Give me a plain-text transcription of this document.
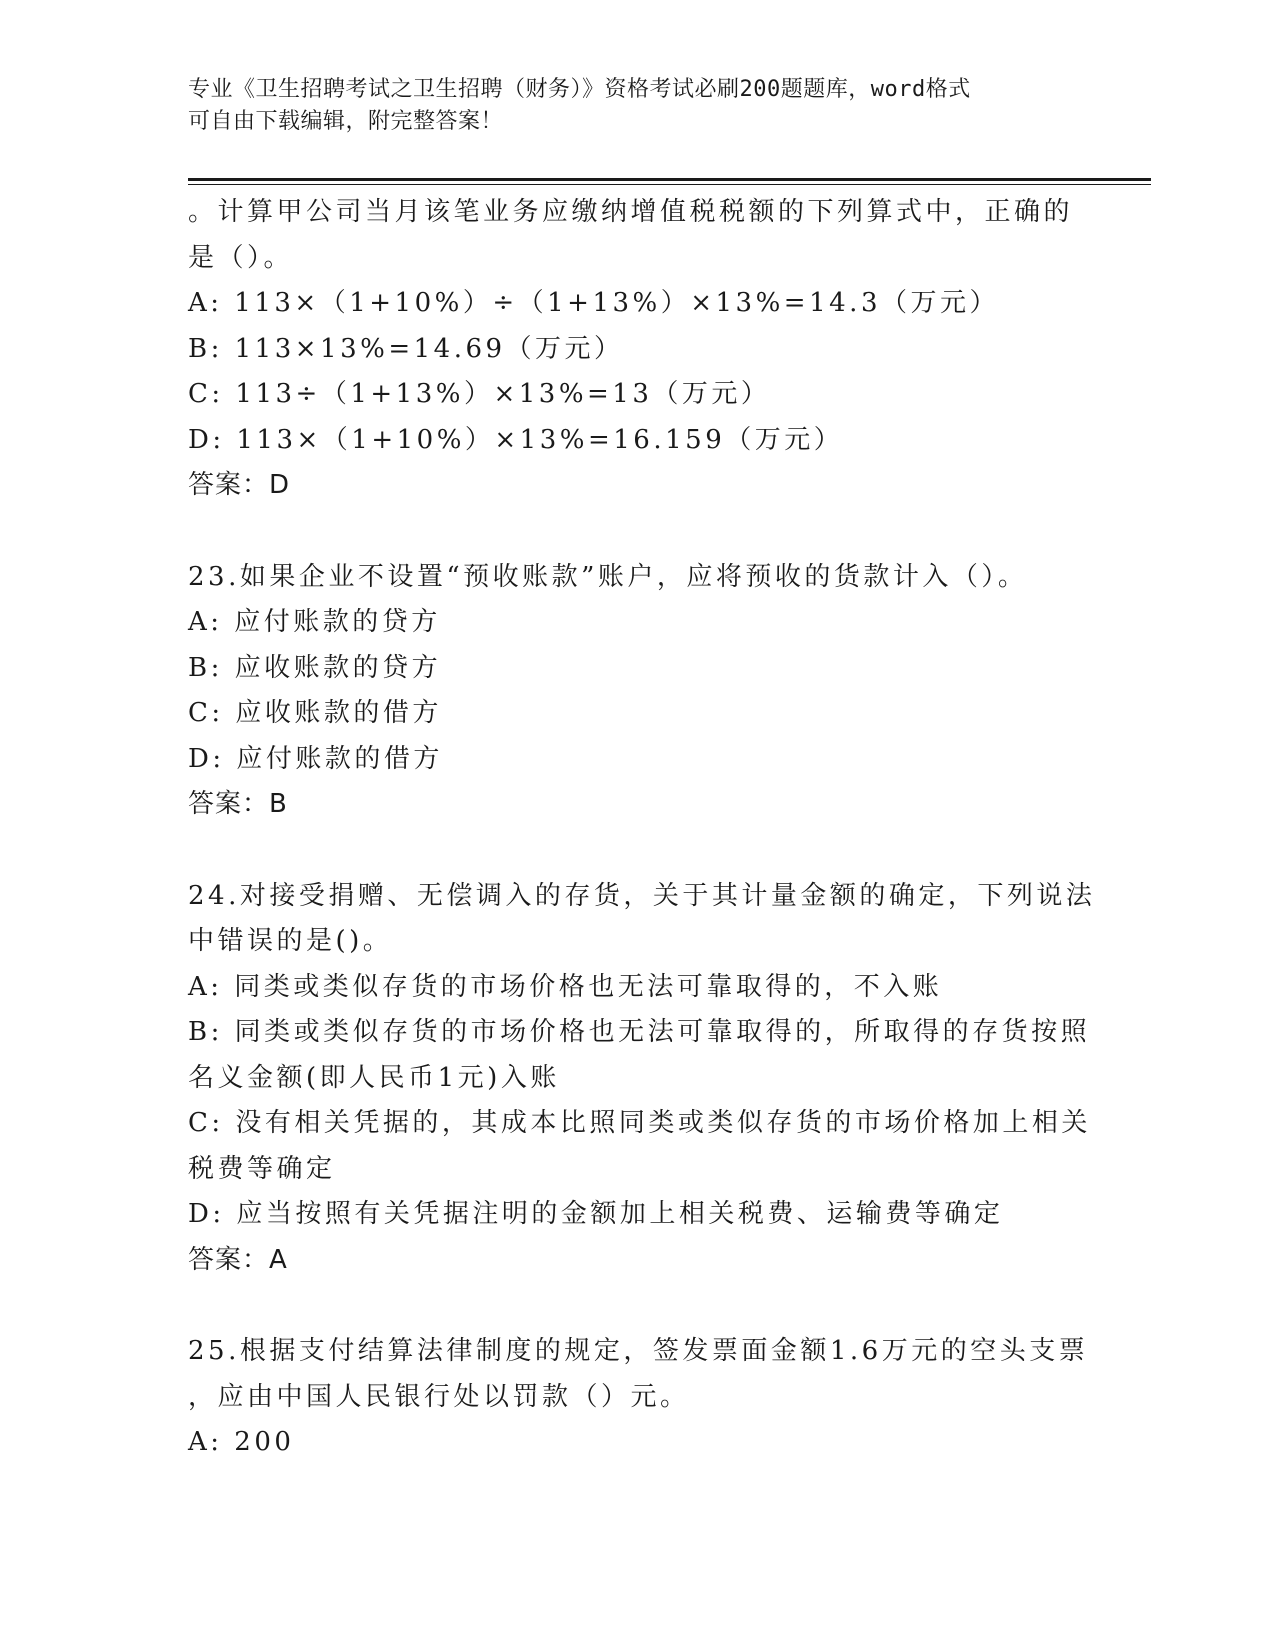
专业《卫生招聘考试之卫生招聘（财务）》资格考试必刷200题题库，word格式
可自由下载编辑，附完整答案！
。计算甲公司当月该笔业务应缴纳增值税税额的下列算式中，正确的
是（）。
A: 113×（1+10%）÷（1+13%）×13%=14.3（万元）
B: 113×13%=14.69（万元）
C: 113÷（1+13%）×13%=13（万元）
D: 113×（1+10%）×13%=16.159（万元）
答案：D
23.如果企业不设置“预收账款”账户，应将预收的货款计入（）。
A: 应付账款的贷方
B: 应收账款的贷方
C: 应收账款的借方
D: 应付账款的借方
答案：B
24.对接受捐赠、无偿调入的存货，关于其计量金额的确定，下列说法
中错误的是()。
A: 同类或类似存货的市场价格也无法可靠取得的，不入账
B: 同类或类似存货的市场价格也无法可靠取得的，所取得的存货按照
名义金额(即人民币1元)入账
C: 没有相关凭据的，其成本比照同类或类似存货的市场价格加上相关
税费等确定
D: 应当按照有关凭据注明的金额加上相关税费、运输费等确定
答案：A
25.根据支付结算法律制度的规定，签发票面金额1.6万元的空头支票
，应由中国人民银行处以罚款（）元。
A: 200
